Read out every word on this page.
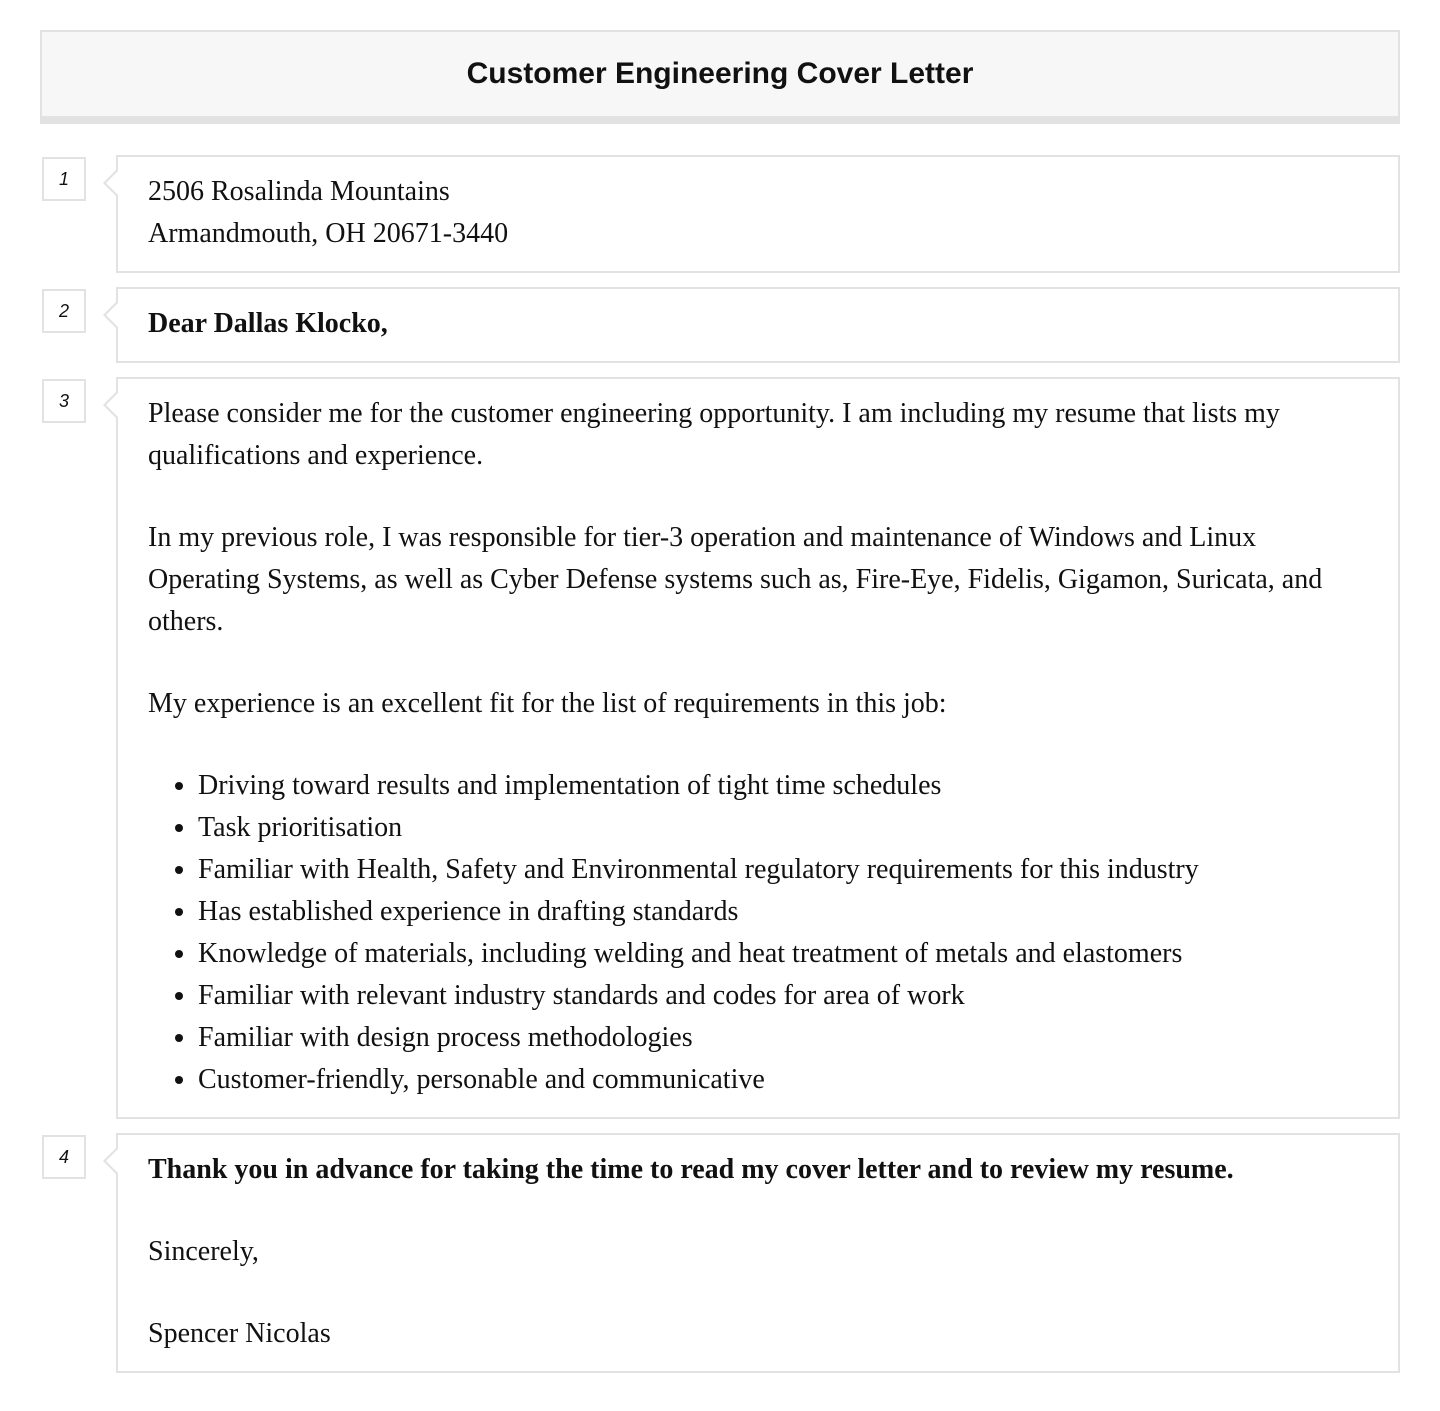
Customer Engineering Cover Letter
1	2506 Rosalinda Mountains

Armandmouth, OH 20671-3440

2	Dear Dallas Klocko,

3	Please consider me for the customer engineering opportunity. I am including my resume that lists my qualifications and experience.

In my previous role, I was responsible for tier-3 operation and maintenance of Windows and Linux Operating Systems, as well as Cyber Defense systems such as, Fire-Eye, Fidelis, Gigamon, Suricata, and others.

My experience is an excellent fit for the list of requirements in this job:

• Driving toward results and implementation of tight time schedules
• Task prioritisation
• Familiar with Health, Safety and Environmental regulatory requirements for this industry
• Has established experience in drafting standards
• Knowledge of materials, including welding and heat treatment of metals and elastomers
• Familiar with relevant industry standards and codes for area of work
• Familiar with design process methodologies
• Customer-friendly, personable and communicative
4	Thank you in advance for taking the time to read my cover letter and to review my resume.

Sincerely,

Spencer Nicolas
